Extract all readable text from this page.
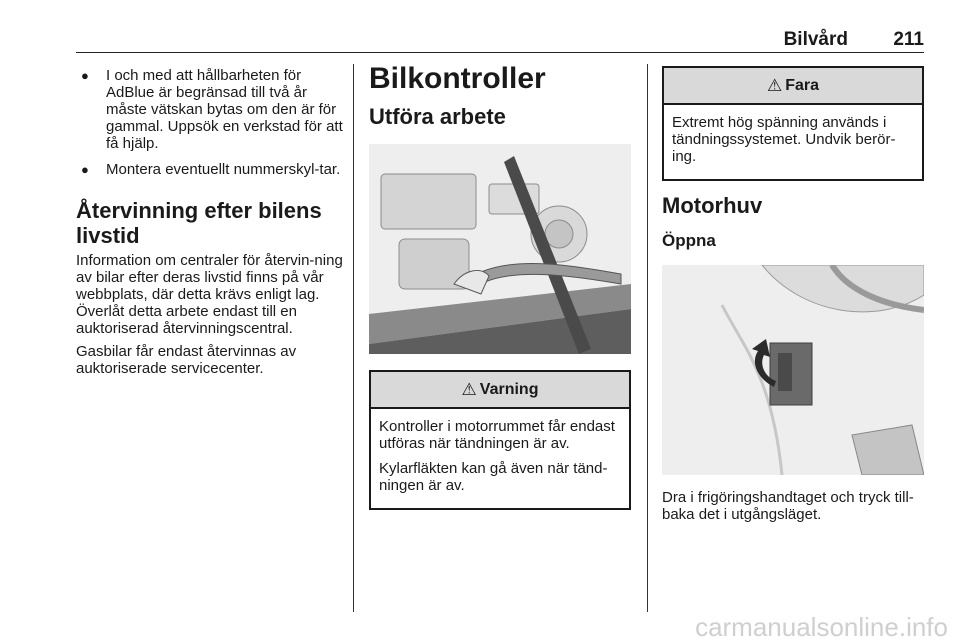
Bilvård	211
● I och med att hållbarheten för AdBlue är begränsad till två år måste vätskan bytas om den är för gammal. Uppsök en verkstad för att få hjälp.
● Montera eventuellt nummerskyl-tar.
Återvinning efter bilens livstid

Information om centraler för återvin-ning av bilar efter deras livstid finns på vår webbplats, där detta krävs enligt lag. Överlåt detta arbete endast till en auktoriserad återvinningscentral.

Gasbilar får endast återvinnas av auktoriserade servicecenter.

Bilkontroller
Utföra arbete
⚠ Varning

Kontroller i motorrummet får endast utföras när tändningen är av.

Kylarfläkten kan gå även när tänd-ningen är av.

⚠ Fara

Extremt hög spänning används i tändningssystemet. Undvik berör-ing.

Motorhuv
Öppna

Dra i frigöringshandtaget och tryck till-baka det i utgångsläget.

carmanualsonline.info
